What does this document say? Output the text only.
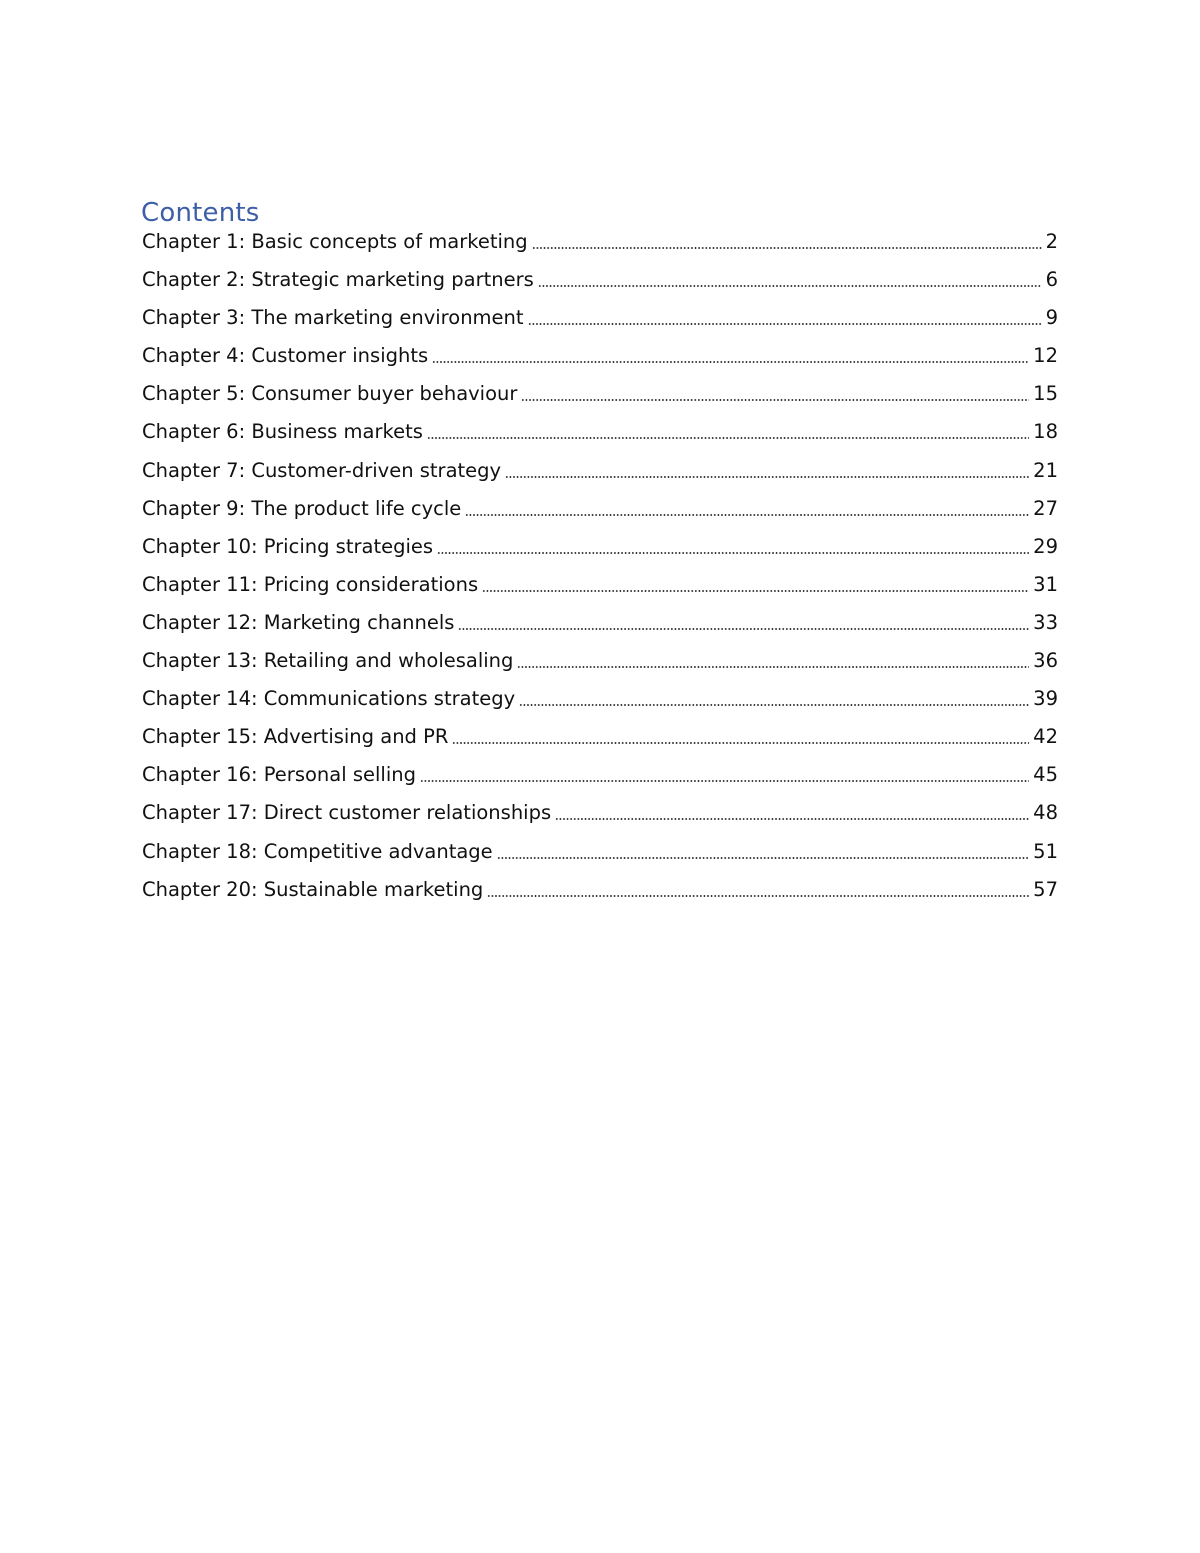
Contents
Chapter 1: Basic concepts of marketing	2
Chapter 2: Strategic marketing partners	6
Chapter 3: The marketing environment	9
Chapter 4: Customer insights	12
Chapter 5: Consumer buyer behaviour	15
Chapter 6: Business markets	18
Chapter 7: Customer-driven strategy	21
Chapter 9: The product life cycle	27
Chapter 10: Pricing strategies	29
Chapter 11: Pricing considerations	31
Chapter 12: Marketing channels	33
Chapter 13: Retailing and wholesaling	36
Chapter 14: Communications strategy	39
Chapter 15: Advertising and PR	42
Chapter 16: Personal selling	45
Chapter 17: Direct customer relationships	48
Chapter 18: Competitive advantage	51
Chapter 20: Sustainable marketing	57
